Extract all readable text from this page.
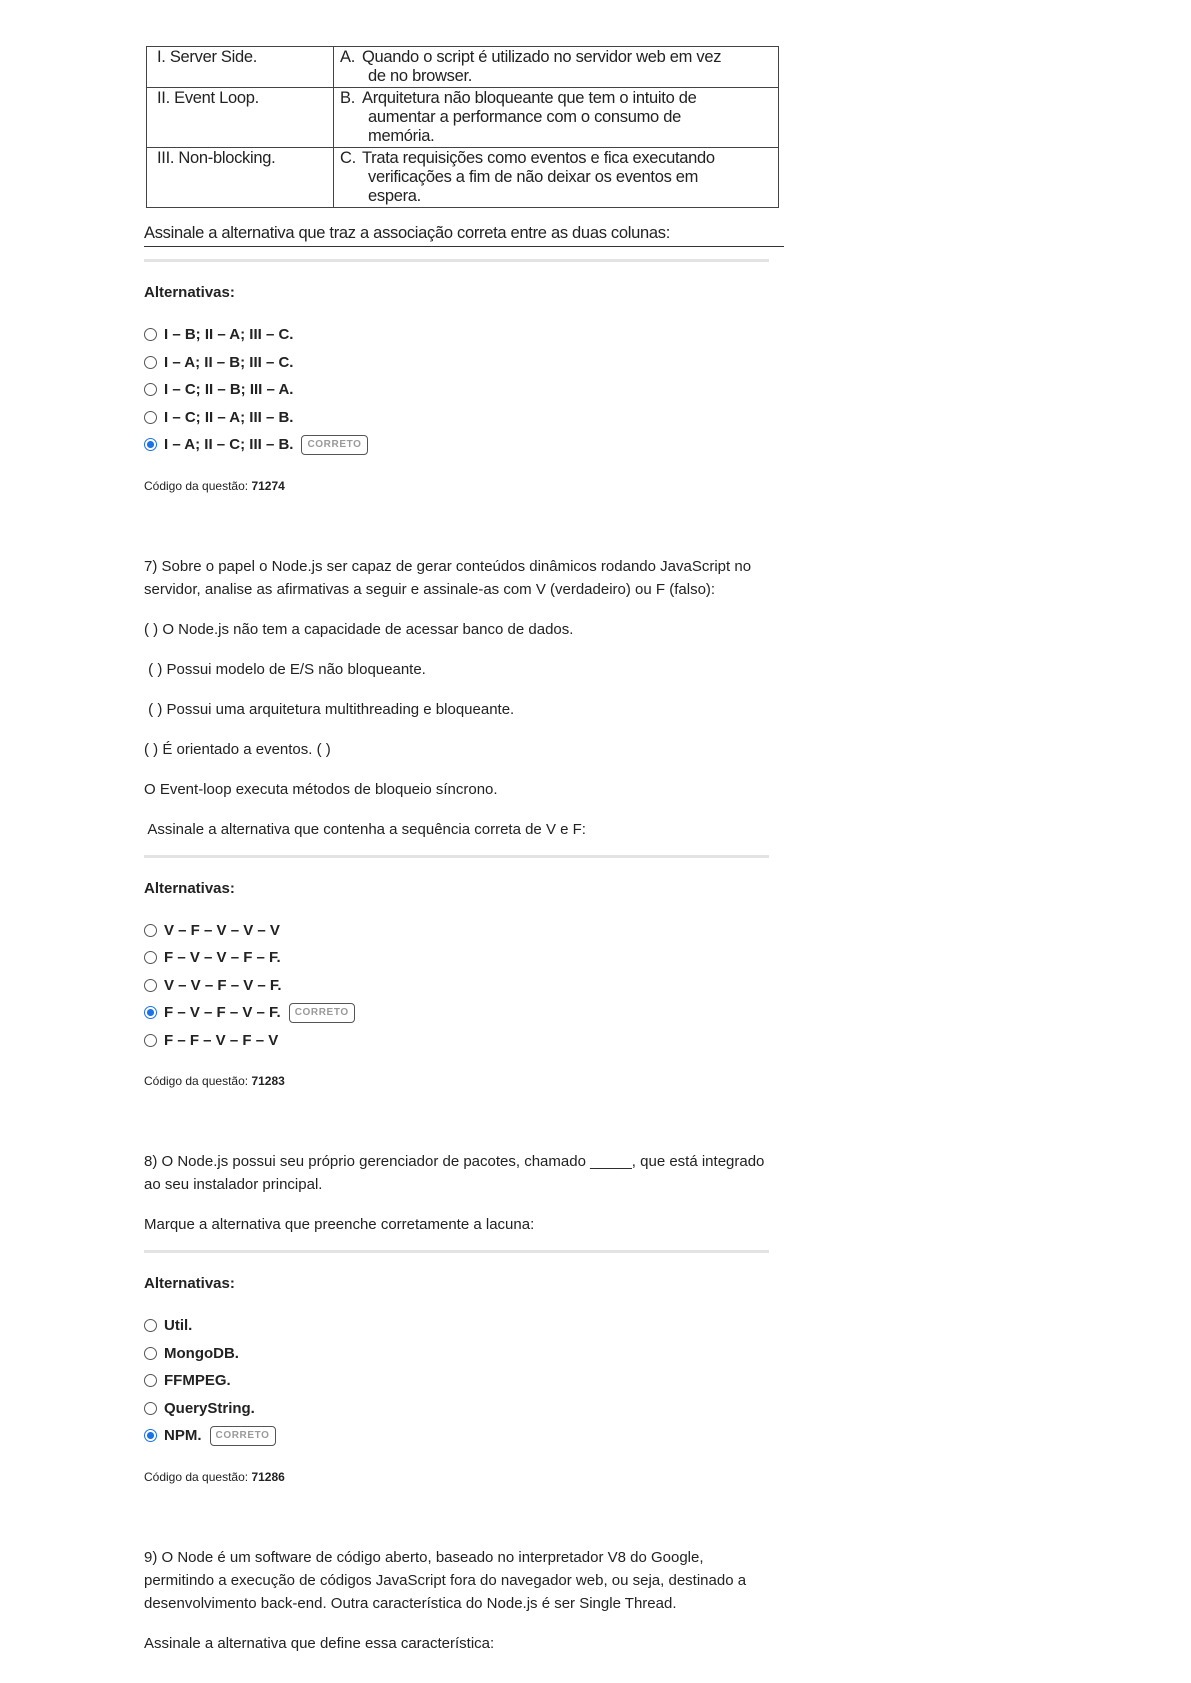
I. Server Side.	A. Quando o script é utilizado no servidor web em vez
de no browser.

II. Event Loop.	B. Arquitetura não bloqueante que tem o intuito de
aumentar a performance com o consumo de
memória.

III. Non-blocking.	C. Trata requisições como eventos e fica executando
verificações a fim de não deixar os eventos em
espera.
Assinale a alternativa que traz a associação correta entre as duas colunas:
Alternativas:
I – B; II – A; III – C.
I – A; II – B; III – C.
I – C; II – B; III – A.
I – C; II – A; III – B.
I – A; II – C; III – B.	CORRETO
Código da questão: 71274
7) Sobre o papel o Node.js ser capaz de gerar conteúdos dinâmicos rodando JavaScript no servidor, analise as afirmativas a seguir e assinale-as com V (verdadeiro) ou F (falso):
( ) O Node.js não tem a capacidade de acessar banco de dados.
( ) Possui modelo de E/S não bloqueante.
( ) Possui uma arquitetura multithreading e bloqueante.
( ) É orientado a eventos. ( )
O Event-loop executa métodos de bloqueio síncrono.
Assinale a alternativa que contenha a sequência correta de V e F:
Alternativas:
V – F – V – V – V
F – V – V – F – F.
V – V – F – V – F.
F – V – F – V – F.	CORRETO
F – F – V – F – V
Código da questão: 71283
8) O Node.js possui seu próprio gerenciador de pacotes, chamado _____, que está integrado ao seu instalador principal.
Marque a alternativa que preenche corretamente a lacuna:
Alternativas:
Util.
MongoDB.
FFMPEG.
QueryString.
NPM.	CORRETO
Código da questão: 71286
9) O Node é um software de código aberto, baseado no interpretador V8 do Google, permitindo a execução de códigos JavaScript fora do navegador web, ou seja, destinado a desenvolvimento back-end. Outra característica do Node.js é ser Single Thread.
Assinale a alternativa que define essa característica:
